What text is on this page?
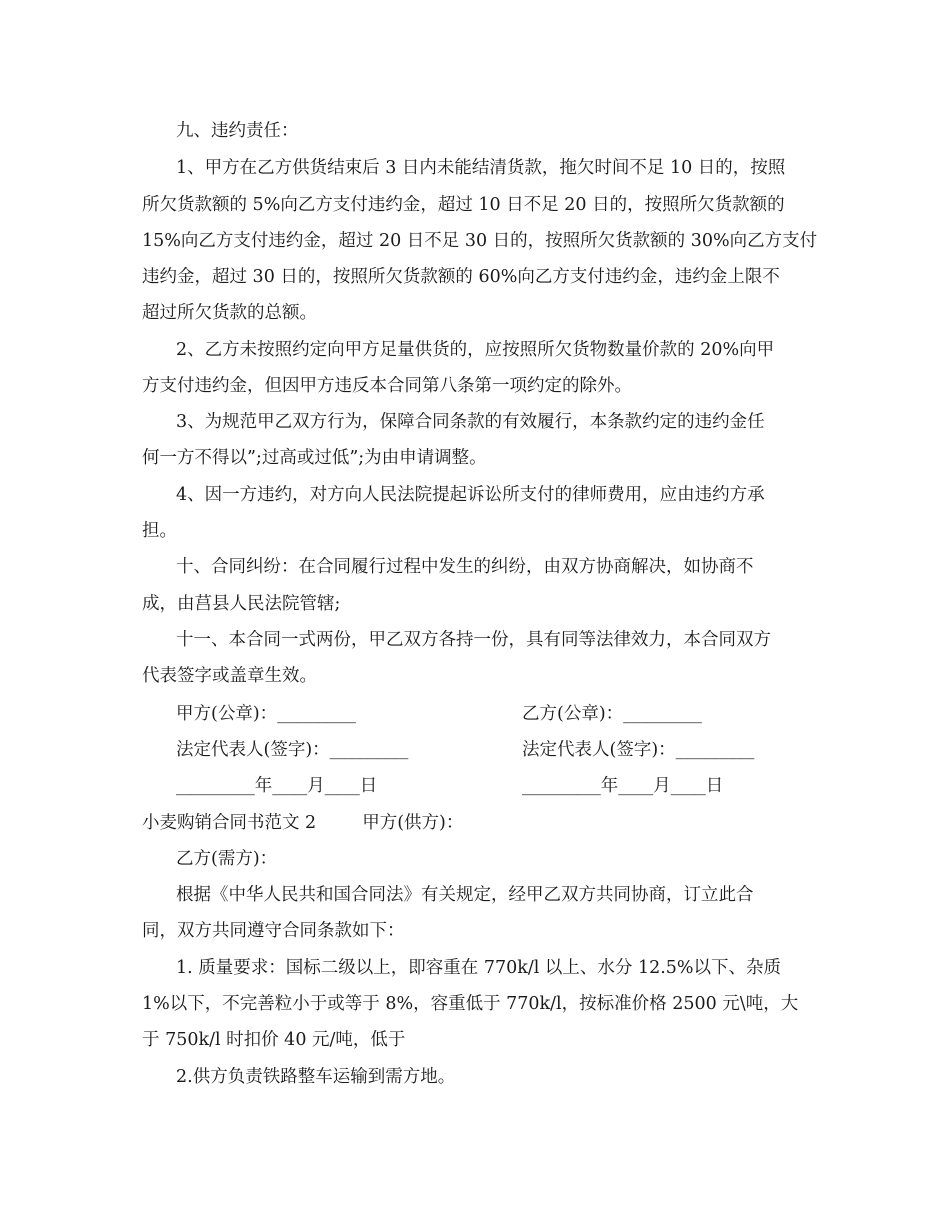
九、违约责任：
1、甲方在乙方供货结束后 3 日内未能结清货款，拖欠时间不足 10 日的，按照
所欠货款额的 5%向乙方支付违约金，超过 10 日不足 20 日的，按照所欠货款额的
15%向乙方支付违约金，超过 20 日不足 30 日的，按照所欠货款额的 30%向乙方支付
违约金，超过 30 日的，按照所欠货款额的 60%向乙方支付违约金，违约金上限不
超过所欠货款的总额。
2、乙方未按照约定向甲方足量供货的，应按照所欠货物数量价款的 20%向甲
方支付违约金，但因甲方违反本合同第八条第一项约定的除外。
3、为规范甲乙双方行为，保障合同条款的有效履行，本条款约定的违约金任
何一方不得以”;过高或过低”;为由申请调整。
4、因一方违约，对方向人民法院提起诉讼所支付的律师费用，应由违约方承
担。
十、合同纠纷：在合同履行过程中发生的纠纷，由双方协商解决，如协商不
成，由莒县人民法院管辖;
十一、本合同一式两份，甲乙双方各持一份，具有同等法律效力，本合同双方
代表签字或盖章生效。
甲方(公章)：_________	乙方(公章)：_________
法定代表人(签字)：_________	法定代表人(签字)：_________
_________年____月____日	_________年____月____日
小麦购销合同书范文 2	甲方(供方)：
乙方(需方)：
根据《中华人民共和国合同法》有关规定，经甲乙双方共同协商，订立此合
同，双方共同遵守合同条款如下：
1. 质量要求：国标二级以上，即容重在 770k/l 以上、水分 12.5%以下、杂质
1%以下，不完善粒小于或等于 8%，容重低于 770k/l，按标准价格 2500 元\吨，大
于 750k/l 时扣价 40 元/吨，低于
2.供方负责铁路整车运输到需方地。
